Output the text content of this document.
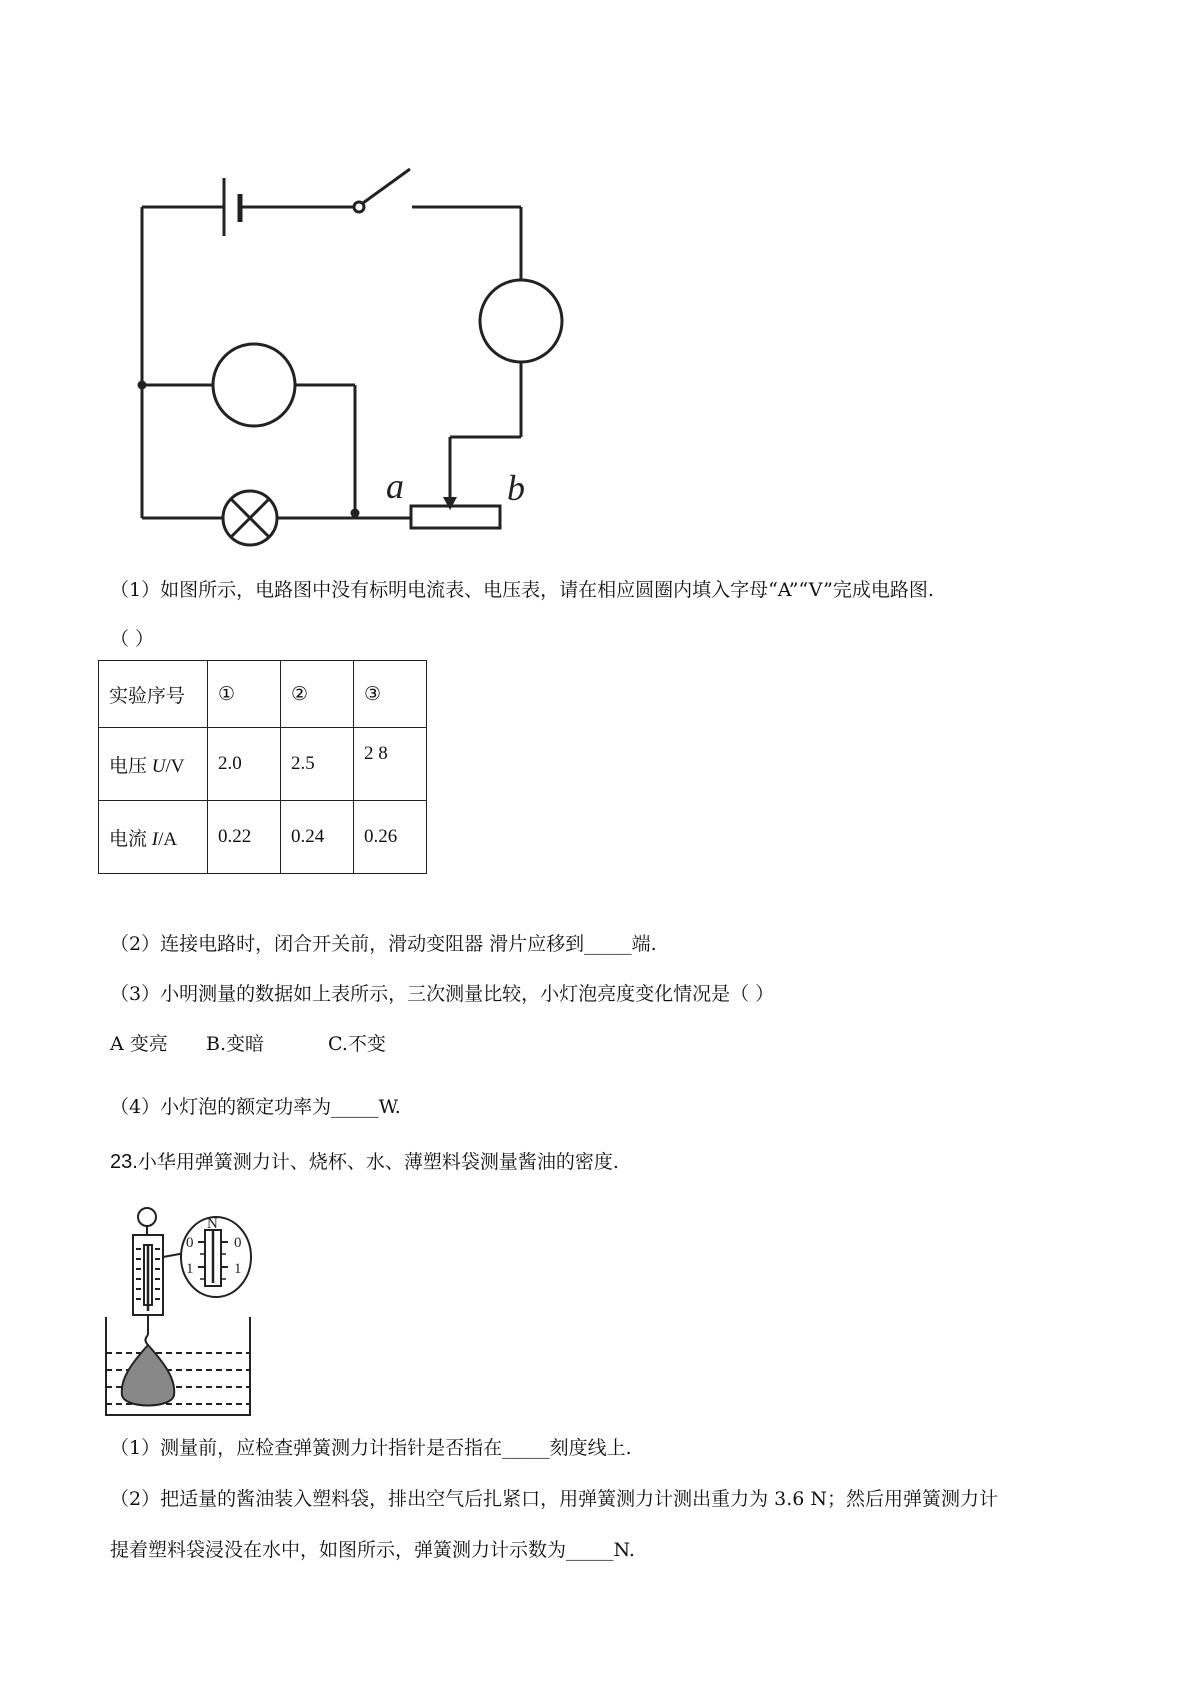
a	b
（1）如图所示，电路图中没有标明电流表、电压表，请在相应圆圈内填入字母“A”“V”完成电路图.
（ ）
实验序号	①	②	③
电压 U/V	2.0	2.5	2 8
电流 I/A	0.22	0.24	0.26
（2）连接电路时，闭合开关前，滑动变阻器 滑片应移到_____端.
（3）小明测量的数据如上表所示，三次测量比较，小灯泡亮度变化情况是（ ）
A 变亮 B.变暗	C.不变
（4）小灯泡的额定功率为_____W.
23.小华用弹簧测力计、烧杯、水、薄塑料袋测量酱油的密度.
N
0	0
1	1
（1）测量前，应检查弹簧测力计指针是否指在_____刻度线上.
（2）把适量的酱油装入塑料袋，排出空气后扎紧口，用弹簧测力计测出重力为 3.6 N；然后用弹簧测力计
提着塑料袋浸没在水中，如图所示，弹簧测力计示数为_____N.
